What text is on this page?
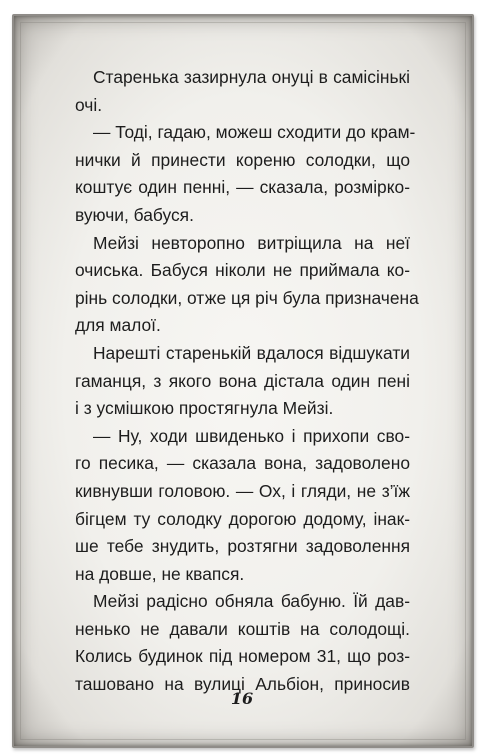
Старенька зазирнула онуці в самісінькі
очі.
— Тоді, гадаю, можеш сходити до крам-
нички й принести кореню солодки, що
коштує один пенні, — сказала, розмірко-
вуючи, бабуся.
Мейзі невторопно витріщила на неї
очиська. Бабуся ніколи не приймала ко-
рінь солодки, отже ця річ була призначена
для малої.
Нарешті старенькій вдалося відшукати
гаманця, з якого вона дістала один пені
і з усмішкою простягнула Мейзі.
— Ну, ходи швиденько і прихопи сво-
го песика, — сказала вона, задоволено
кивнувши головою. — Ох, і гляди, не з’їж
бігцем ту солодку дорогою додому, інак-
ше тебе знудить, розтягни задоволення
на довше, не квапся.
Мейзі радісно обняла бабуню. Їй дав-
ненько не давали коштів на солодощі.
Колись будинок під номером 31, що роз-
ташовано на вулиці Альбіон, приносив
16
